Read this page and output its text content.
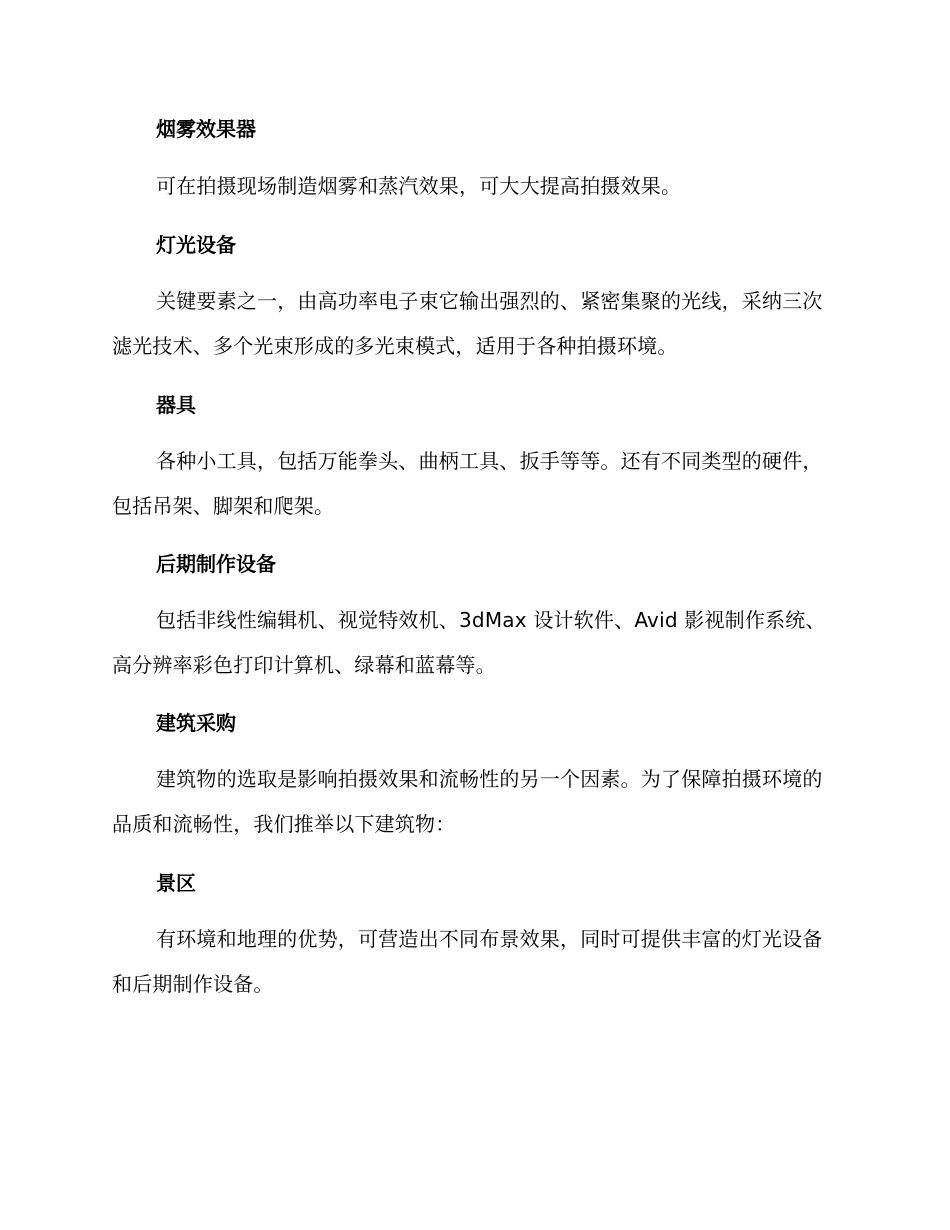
烟雾效果器
可在拍摄现场制造烟雾和蒸汽效果，可大大提高拍摄效果。
灯光设备
关键要素之一，由高功率电子束它输出强烈的、紧密集聚的光线，采纳三次滤光技术、多个光束形成的多光束模式，适用于各种拍摄环境。
器具
各种小工具，包括万能拳头、曲柄工具、扳手等等。还有不同类型的硬件，包括吊架、脚架和爬架。
后期制作设备
包括非线性编辑机、视觉特效机、3dMax 设计软件、Avid 影视制作系统、高分辨率彩色打印计算机、绿幕和蓝幕等。
建筑采购
建筑物的选取是影响拍摄效果和流畅性的另一个因素。为了保障拍摄环境的品质和流畅性，我们推举以下建筑物：
景区
有环境和地理的优势，可营造出不同布景效果，同时可提供丰富的灯光设备和后期制作设备。
